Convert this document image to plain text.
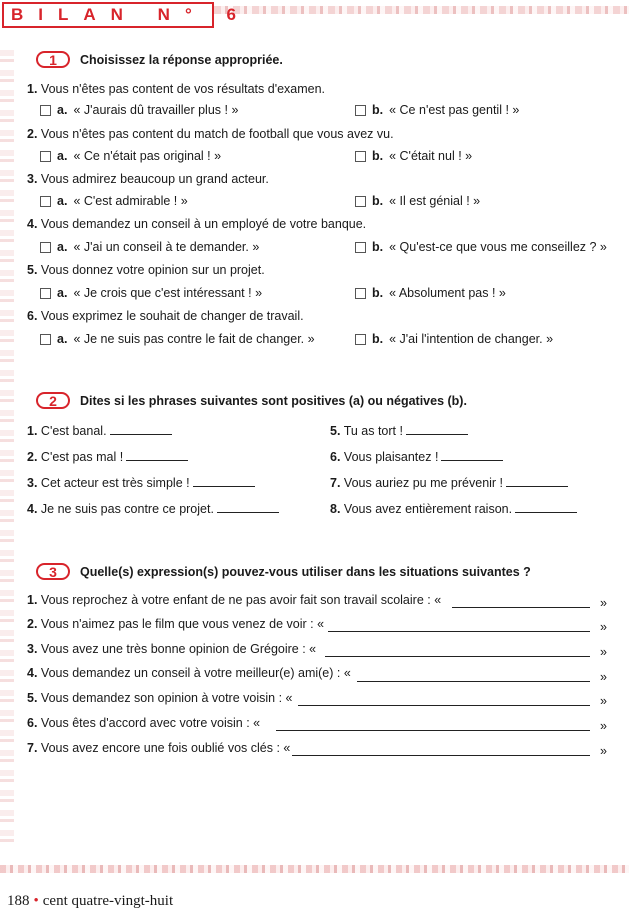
BILAN N° 6
1	Choisissez la réponse appropriée.
1. Vous n'êtes pas content de vos résultats d'examen.
a. « J'aurais dû travailler plus ! »	b. « Ce n'est pas gentil ! »
2. Vous n'êtes pas content du match de football que vous avez vu.
a. « Ce n'était pas original ! »	b. « C'était nul ! »
3. Vous admirez beaucoup un grand acteur.
a. « C'est admirable ! »	b. « Il est génial ! »
4. Vous demandez un conseil à un employé de votre banque.
a. « J'ai un conseil à te demander. »	b. « Qu'est-ce que vous me conseillez ? »
5. Vous donnez votre opinion sur un projet.
a. « Je crois que c'est intéressant ! »	b. « Absolument pas ! »
6. Vous exprimez le souhait de changer de travail.
a. « Je ne suis pas contre le fait de changer. »	b. « J'ai l'intention de changer. »
2	Dites si les phrases suivantes sont positives (a) ou négatives (b).
1. C'est banal.
2. C'est pas mal !
3. Cet acteur est très simple !
4. Je ne suis pas contre ce projet.
5. Tu as tort !
6. Vous plaisantez !
7. Vous auriez pu me prévenir !
8. Vous avez entièrement raison.
3	Quelle(s) expression(s) pouvez-vous utiliser dans les situations suivantes ?
1. Vous reprochez à votre enfant de ne pas avoir fait son travail scolaire : «	»
2. Vous n'aimez pas le film que vous venez de voir : «	»
3. Vous avez une très bonne opinion de Grégoire : «	»
4. Vous demandez un conseil à votre meilleur(e) ami(e) : «	»
5. Vous demandez son opinion à votre voisin : «	»
6. Vous êtes d'accord avec votre voisin : «	»
7. Vous avez encore une fois oublié vos clés : «	»
188 • cent quatre-vingt-huit
